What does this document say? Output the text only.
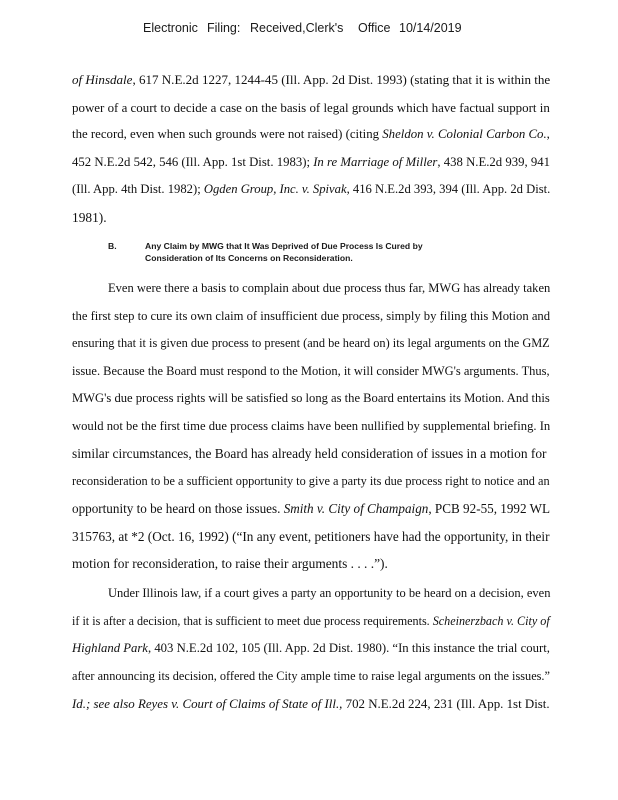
Electronic Filing: Received,Clerk's Office 10/14/2019

of Hinsdale, 617 N.E.2d 1227, 1244-45 (Ill. App. 2d Dist. 1993) (stating that it is within the
power of a court to decide a case on the basis of legal grounds which have factual support in
the record, even when such grounds were not raised) (citing Sheldon v. Colonial Carbon Co.,
452 N.E.2d 542, 546 (Ill. App. 1st Dist. 1983); In re Marriage of Miller, 438 N.E.2d 939, 941
(Ill. App. 4th Dist. 1982); Ogden Group, Inc. v. Spivak, 416 N.E.2d 393, 394 (Ill. App. 2d Dist.
1981).

B.	Any Claim by MWG that It Was Deprived of Due Process Is Cured by
Consideration of Its Concerns on Reconsideration.

Even were there a basis to complain about due process thus far, MWG has already taken
the first step to cure its own claim of insufficient due process, simply by filing this Motion and
ensuring that it is given due process to present (and be heard on) its legal arguments on the GMZ
issue. Because the Board must respond to the Motion, it will consider MWG's arguments. Thus,
MWG's due process rights will be satisfied so long as the Board entertains its Motion. And this
would not be the first time due process claims have been nullified by supplemental briefing. In
similar circumstances, the Board has already held consideration of issues in a motion for
reconsideration to be a sufficient opportunity to give a party its due process right to notice and an
opportunity to be heard on those issues. Smith v. City of Champaign, PCB 92-55, 1992 WL
315763, at *2 (Oct. 16, 1992) (“In any event, petitioners have had the opportunity, in their
motion for reconsideration, to raise their arguments . . . .”).

Under Illinois law, if a court gives a party an opportunity to be heard on a decision, even
if it is after a decision, that is sufficient to meet due process requirements. Scheinerzbach v. City of
Highland Park, 403 N.E.2d 102, 105 (Ill. App. 2d Dist. 1980). “In this instance the trial court,
after announcing its decision, offered the City ample time to raise legal arguments on the issues.”
Id.; see also Reyes v. Court of Claims of State of Ill., 702 N.E.2d 224, 231 (Ill. App. 1st Dist.
